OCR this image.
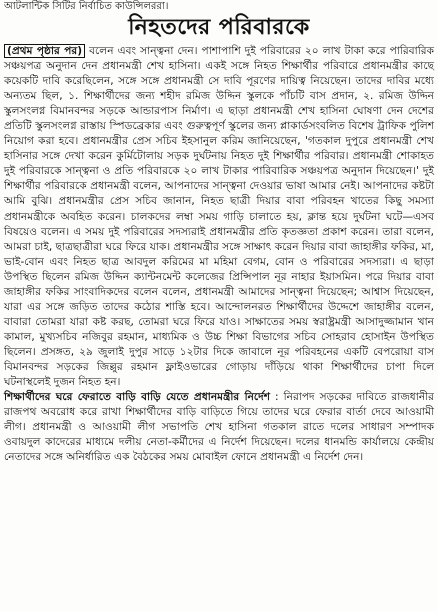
আটলান্টিক সিটির নির্বাচিত কাউন্সিলররা।

নিহতদের পরিবারকে

(প্রথম পৃষ্ঠার পর) বলেন এবং সান্ত্বনা দেন। পাশাপাশি দুই পরিবারের ২০ লাখ টাকা করে পারিবারিক সঞ্চয়পত্র অনুদান দেন প্রধানমন্ত্রী শেখ হাসিনা। একই সঙ্গে নিহত শিক্ষার্থীর পরিবারে প্রধানমন্ত্রীর কাছে কয়েকটি দাবি করেছিলেন, সঙ্গে সঙ্গে প্রধানমন্ত্রী সে দাবি পূরণের দায়িত্ব নিয়েছেন। তাদের দাবির মধ্যে অন্যতম ছিল, ১. শিক্ষার্থীদের জন্য শহীদ রমিজ উদ্দিন স্কুলকে পাঁচটি বাস প্রদান, ২. রমিজ উদ্দিন স্কুলসংলগ্ন বিমানবন্দর সড়কে আন্ডারপাস নির্মাণ। এ ছাড়া প্রধানমন্ত্রী শেখ হাসিনা ঘোষণা দেন দেশের প্রতিটি স্কুলসংলগ্ন রাস্তায় স্পিডব্রেকার এবং গুরুত্বপূর্ণ স্কুলের জন্য প্লাকার্ডসংবলিত বিশেষ ট্রাফিক পুলিশ নিয়োগ করা হবে। প্রধানমন্ত্রীর প্রেস সচিব ইহসানুল করিম জানিয়েছেন, 'গতকাল দুপুরে প্রধানমন্ত্রী শেখ হাসিনার সঙ্গে দেখা করেন কুর্মিটোলায় সড়ক দুর্ঘটনায় নিহত দুই শিক্ষার্থীর পরিবার। প্রধানমন্ত্রী শোকাহত দুই পরিবারকে সান্ত্বনা ও প্রতি পরিবারকে ২০ লাখ টাকার পারিবারিক সঞ্চয়পত্র অনুদান দিয়েছেন।' দুই শিক্ষার্থীর পরিবারকে প্রধানমন্ত্রী বলেন, আপনাদের সান্ত্বনা দেওয়ার ভাষা আমার নেই। আপনাদের কষ্টটা আমি বুঝি। প্রধানমন্ত্রীর প্রেস সচিব জানান, নিহত ছাত্রী দিয়ার বাবা পরিবহন খাতের কিছু সমস্যা প্রধানমন্ত্রীকে অবহিত করেন। চালকদের লম্বা সময় গাড়ি চালাতে হয়, ক্লান্ত হয়ে দুর্ঘটনা ঘটে—এসব বিষয়েও বলেন। এ সময় দুই পরিবারের সদস্যরাই প্রধানমন্ত্রীর প্রতি কৃতজ্ঞতা প্রকাশ করেন। তারা বলেন, আমরা চাই, ছাত্রছাত্রীরা ঘরে ফিরে যাক। প্রধানমন্ত্রীর সঙ্গে সাক্ষাৎ করেন দিয়ার বাবা জাহাঙ্গীর ফকির, মা, ভাই-বোন এবং নিহত ছাত্র আবদুল করিমের মা মহিমা বেগম, বোন ও পরিবারের সদস্যরা। এ ছাড়া উপস্থিত ছিলেন রমিজ উদ্দিন ক্যান্টনমেন্ট কলেজের প্রিন্সিপাল নূর নাহার ইয়াসমিন। পরে দিয়ার বাবা জাহাঙ্গীর ফকির সাংবাদিকদের বলেন বলেন, প্রধানমন্ত্রী আমাদের সান্ত্বনা দিয়েছেন; আশ্বাস দিয়েছেন, যারা এর সঙ্গে জড়িত তাদের কঠোর শাস্তি হবে। আন্দোলনরত শিক্ষার্থীদের উদ্দেশে জাহাঙ্গীর বলেন, বাবারা তোমরা যারা কষ্ট করছ, তোমরা ঘরে ফিরে যাও। সাক্ষাতের সময় স্বরাষ্ট্রমন্ত্রী আসাদুজ্জামান খান কামাল, মুখ্যসচিব নজিবুর রহমান, মাধ্যমিক ও উচ্চ শিক্ষা বিভাগের সচিব সোহরাব হোসাইন উপস্থিত ছিলেন। প্রসঙ্গত, ২৯ জুলাই দুপুর সাড়ে ১২টার দিকে জাবালে নূর পরিবহনের একটি বেপরোয়া বাস বিমানবন্দর সড়কের জিল্লুর রহমান ফ্লাইওভারের গোড়ায় দাঁড়িয়ে থাকা শিক্ষার্থীদের চাপা দিলে ঘটনাস্থলেই দুজন নিহত হন।

শিক্ষার্থীদের ঘরে ফেরাতে বাড়ি বাড়ি যেতে প্রধানমন্ত্রীর নির্দেশ : নিরাপদ সড়কের দাবিতে রাজধানীর রাজপথ অবরোধ করে রাখা শিক্ষার্থীদের বাড়ি বাড়িতে গিয়ে তাদের ঘরে ফেরার বার্তা দেবে আওয়ামী লীগ। প্রধানমন্ত্রী ও আওয়ামী লীগ সভাপতি শেখ হাসিনা গতকাল রাতে দলের সাধারণ সম্পাদক ওবায়দুল কাদেরের মাধ্যমে দলীয় নেতা-কর্মীদের এ নির্দেশ দিয়েছেন। দলের ধানমন্ডি কার্যালয়ে কেন্দ্রীয় নেতাদের সঙ্গে অনির্ধারিত এক বৈঠকের সময় মোবাইল ফোনে প্রধানমন্ত্রী এ নির্দেশ দেন।
